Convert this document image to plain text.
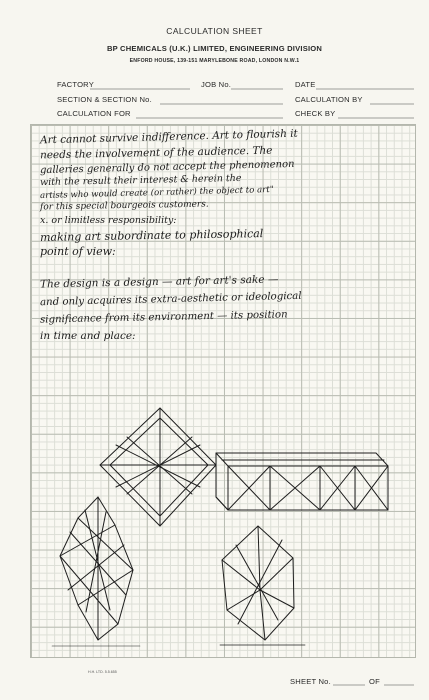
CALCULATION SHEET
BP CHEMICALS (U.K.) LIMITED, ENGINEERING DIVISION
ENFORD HOUSE, 139-151 MARYLEBONE ROAD, LONDON N.W.1
FACTORY	JOB No.	DATE
SECTION & SECTION No.	CALCULATION BY
CALCULATION FOR	CHECK BY
Art cannot survive indifference. Art to flourish it
needs the involvement of the audience. The
galleries generally do not accept the phenomenon
with the result their interest & herein the
artists who would create (or rather) the object to art"
for this special bourgeois customers.
x. or limitless responsibility:
making art subordinate to philosophical
point of view:
The design is a design — art for art's sake —
and only acquires its extra-aesthetic or ideological
significance from its environment — its position
in time and place:
H.H. LTD. 5.5.655
SHEET No.	OF
